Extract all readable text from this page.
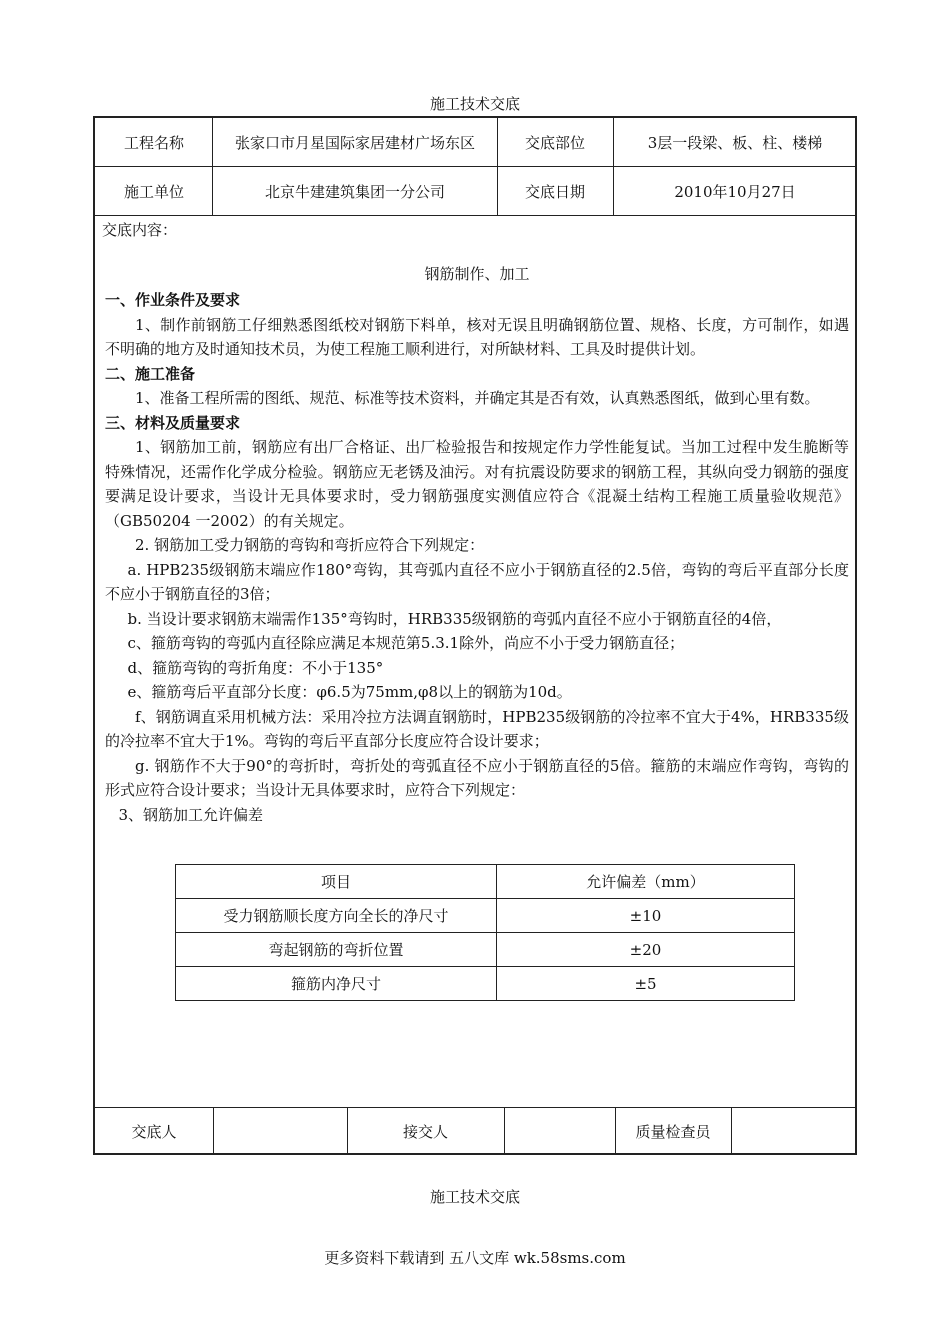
施工技术交底
工程名称	张家口市月星国际家居建材广场东区	交底部位	3层一段梁、板、柱、楼梯
施工单位	北京牛建建筑集团一分公司	交底日期	2010年10月27日

交底内容：

钢筋制作、加工

一、作业条件及要求

1、制作前钢筋工仔细熟悉图纸校对钢筋下料单，核对无误且明确钢筋位置、规格、长度，方可制作，如遇不明确的地方及时通知技术员，为使工程施工顺利进行，对所缺材料、工具及时提供计划。

二、施工准备

1、准备工程所需的图纸、规范、标准等技术资料，并确定其是否有效，认真熟悉图纸，做到心里有数。

三、材料及质量要求

1、钢筋加工前，钢筋应有出厂合格证、出厂检验报告和按规定作力学性能复试。当加工过程中发生脆断等特殊情况，还需作化学成分检验。钢筋应无老锈及油污。对有抗震设防要求的钢筋工程，其纵向受力钢筋的强度要满足设计要求，当设计无具体要求时，受力钢筋强度实测值应符合《混凝土结构工程施工质量验收规范》（GB50204 一2002）的有关规定。

2. 钢筋加工受力钢筋的弯钩和弯折应符合下列规定：

a. HPB235级钢筋末端应作180°弯钩，其弯弧内直径不应小于钢筋直径的2.5倍，弯钩的弯后平直部分长度不应小于钢筋直径的3倍；

b. 当设计要求钢筋末端需作135°弯钩时，HRB335级钢筋的弯弧内直径不应小于钢筋直径的4倍，

c、箍筋弯钩的弯弧内直径除应满足本规范第5.3.1除外，尚应不小于受力钢筋直径；

d、箍筋弯钩的弯折角度：不小于135°

e、箍筋弯后平直部分长度：φ6.5为75mm,φ8以上的钢筋为10d。

f、钢筋调直采用机械方法：采用冷拉方法调直钢筋时，HPB235级钢筋的冷拉率不宜大于4%，HRB335级的冷拉率不宜大于1%。弯钩的弯后平直部分长度应符合设计要求；

g. 钢筋作不大于90°的弯折时，弯折处的弯弧直径不应小于钢筋直径的5倍。箍筋的末端应作弯钩，弯钩的形式应符合设计要求；当设计无具体要求时，应符合下列规定：

3、钢筋加工允许偏差

项目	允许偏差（mm）
受力钢筋顺长度方向全长的净尺寸	±10
弯起钢筋的弯折位置	±20
箍筋内净尺寸	±5
交底人	接交人	质量检查员
施工技术交底
更多资料下载请到 五八文库 wk.58sms.com
